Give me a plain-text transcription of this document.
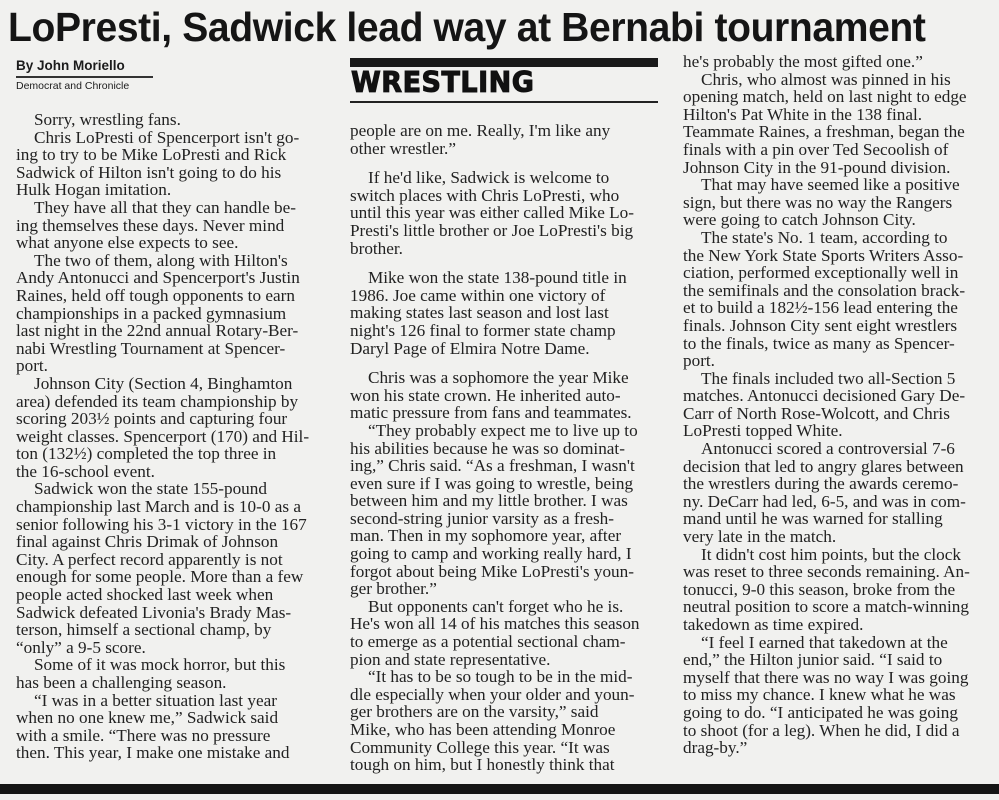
LoPresti, Sadwick lead way at Bernabi tournament
By John Moriello
Democrat and Chronicle	WRESTLING

Sorry, wrestling fans.

Chris LoPresti of Spencerport isn't go-
ing to try to be Mike LoPresti and Rick
Sadwick of Hilton isn't going to do his
Hulk Hogan imitation.

They have all that they can handle be-
ing themselves these days. Never mind
what anyone else expects to see.

The two of them, along with Hilton's
Andy Antonucci and Spencerport's Justin
Raines, held off tough opponents to earn
championships in a packed gymnasium
last night in the 22nd annual Rotary-Ber-
nabi Wrestling Tournament at Spencer-
port.

Johnson City (Section 4, Binghamton
area) defended its team championship by
scoring 203½ points and capturing four
weight classes. Spencerport (170) and Hil-
ton (132½) completed the top three in
the 16-school event.

Sadwick won the state 155-pound
championship last March and is 10-0 as a
senior following his 3-1 victory in the 167
final against Chris Drimak of Johnson
City. A perfect record apparently is not
enough for some people. More than a few
people acted shocked last week when
Sadwick defeated Livonia's Brady Mas-
terson, himself a sectional champ, by
“only” a 9-5 score.

Some of it was mock horror, but this
has been a challenging season.

“I was in a better situation last year
when no one knew me,” Sadwick said
with a smile. “There was no pressure
then. This year, I make one mistake and

people are on me. Really, I'm like any
other wrestler.”

If he'd like, Sadwick is welcome to
switch places with Chris LoPresti, who
until this year was either called Mike Lo-
Presti's little brother or Joe LoPresti's big
brother.

Mike won the state 138-pound title in
1986. Joe came within one victory of
making states last season and lost last
night's 126 final to former state champ
Daryl Page of Elmira Notre Dame.

Chris was a sophomore the year Mike
won his state crown. He inherited auto-
matic pressure from fans and teammates.

“They probably expect me to live up to
his abilities because he was so dominat-
ing,” Chris said. “As a freshman, I wasn't
even sure if I was going to wrestle, being
between him and my little brother. I was
second-string junior varsity as a fresh-
man. Then in my sophomore year, after
going to camp and working really hard, I
forgot about being Mike LoPresti's youn-
ger brother.”

But opponents can't forget who he is.
He's won all 14 of his matches this season
to emerge as a potential sectional cham-
pion and state representative.

“It has to be so tough to be in the mid-
dle especially when your older and youn-
ger brothers are on the varsity,” said
Mike, who has been attending Monroe
Community College this year. “It was
tough on him, but I honestly think that

he's probably the most gifted one.”

Chris, who almost was pinned in his
opening match, held on last night to edge
Hilton's Pat White in the 138 final.
Teammate Raines, a freshman, began the
finals with a pin over Ted Secoolish of
Johnson City in the 91-pound division.

That may have seemed like a positive
sign, but there was no way the Rangers
were going to catch Johnson City.

The state's No. 1 team, according to
the New York State Sports Writers Asso-
ciation, performed exceptionally well in
the semifinals and the consolation brack-
et to build a 182½-156 lead entering the
finals. Johnson City sent eight wrestlers
to the finals, twice as many as Spencer-
port.

The finals included two all-Section 5
matches. Antonucci decisioned Gary De-
Carr of North Rose-Wolcott, and Chris
LoPresti topped White.

Antonucci scored a controversial 7-6
decision that led to angry glares between
the wrestlers during the awards ceremo-
ny. DeCarr had led, 6-5, and was in com-
mand until he was warned for stalling
very late in the match.

It didn't cost him points, but the clock
was reset to three seconds remaining. An-
tonucci, 9-0 this season, broke from the
neutral position to score a match-winning
takedown as time expired.

“I feel I earned that takedown at the
end,” the Hilton junior said. “I said to
myself that there was no way I was going
to miss my chance. I knew what he was
going to do. “I anticipated he was going
to shoot (for a leg). When he did, I did a
drag-by.”
